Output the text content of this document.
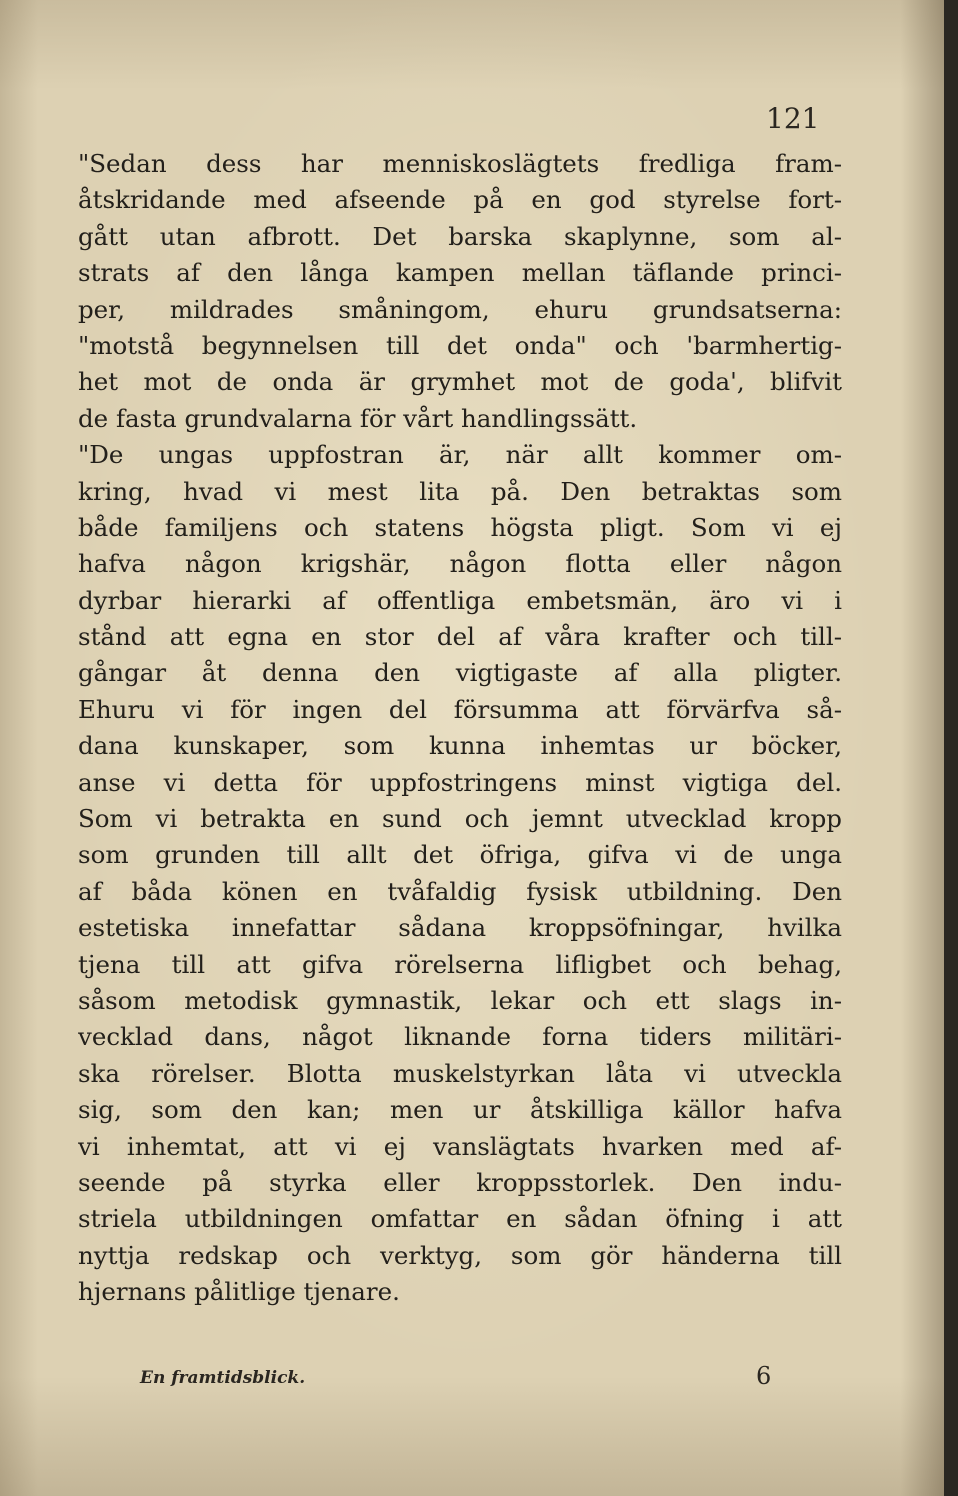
121
"Sedan dess har menniskoslägtets fredliga fram-
åtskridande med afseende på en god styrelse fort-
gått utan afbrott. Det barska skaplynne, som al-
strats af den långa kampen mellan täflande princi-
per, mildrades småningom, ehuru grundsatserna:
"motstå begynnelsen till det onda" och 'barmhertig-
het mot de onda är grymhet mot de goda', blifvit
de fasta grundvalarna för vårt handlingssätt.
"De ungas uppfostran är, när allt kommer om-
kring, hvad vi mest lita på. Den betraktas som
både familjens och statens högsta pligt. Som vi ej
hafva någon krigshär, någon flotta eller någon
dyrbar hierarki af offentliga embetsmän, äro vi i
stånd att egna en stor del af våra krafter och till-
gångar åt denna den vigtigaste af alla pligter.
Ehuru vi för ingen del försumma att förvärfva så-
dana kunskaper, som kunna inhemtas ur böcker,
anse vi detta för uppfostringens minst vigtiga del.
Som vi betrakta en sund och jemnt utvecklad kropp
som grunden till allt det öfriga, gifva vi de unga
af båda könen en tvåfaldig fysisk utbildning. Den
estetiska innefattar sådana kroppsöfningar, hvilka
tjena till att gifva rörelserna lifligbet och behag,
såsom metodisk gymnastik, lekar och ett slags in-
vecklad dans, något liknande forna tiders militäri-
ska rörelser. Blotta muskelstyrkan låta vi utveckla
sig, som den kan; men ur åtskilliga källor hafva
vi inhemtat, att vi ej vanslägtats hvarken med af-
seende på styrka eller kroppsstorlek. Den indu-
striela utbildningen omfattar en sådan öfning i att
nyttja redskap och verktyg, som gör händerna till
hjernans pålitlige tjenare.
En framtidsblick.	6
